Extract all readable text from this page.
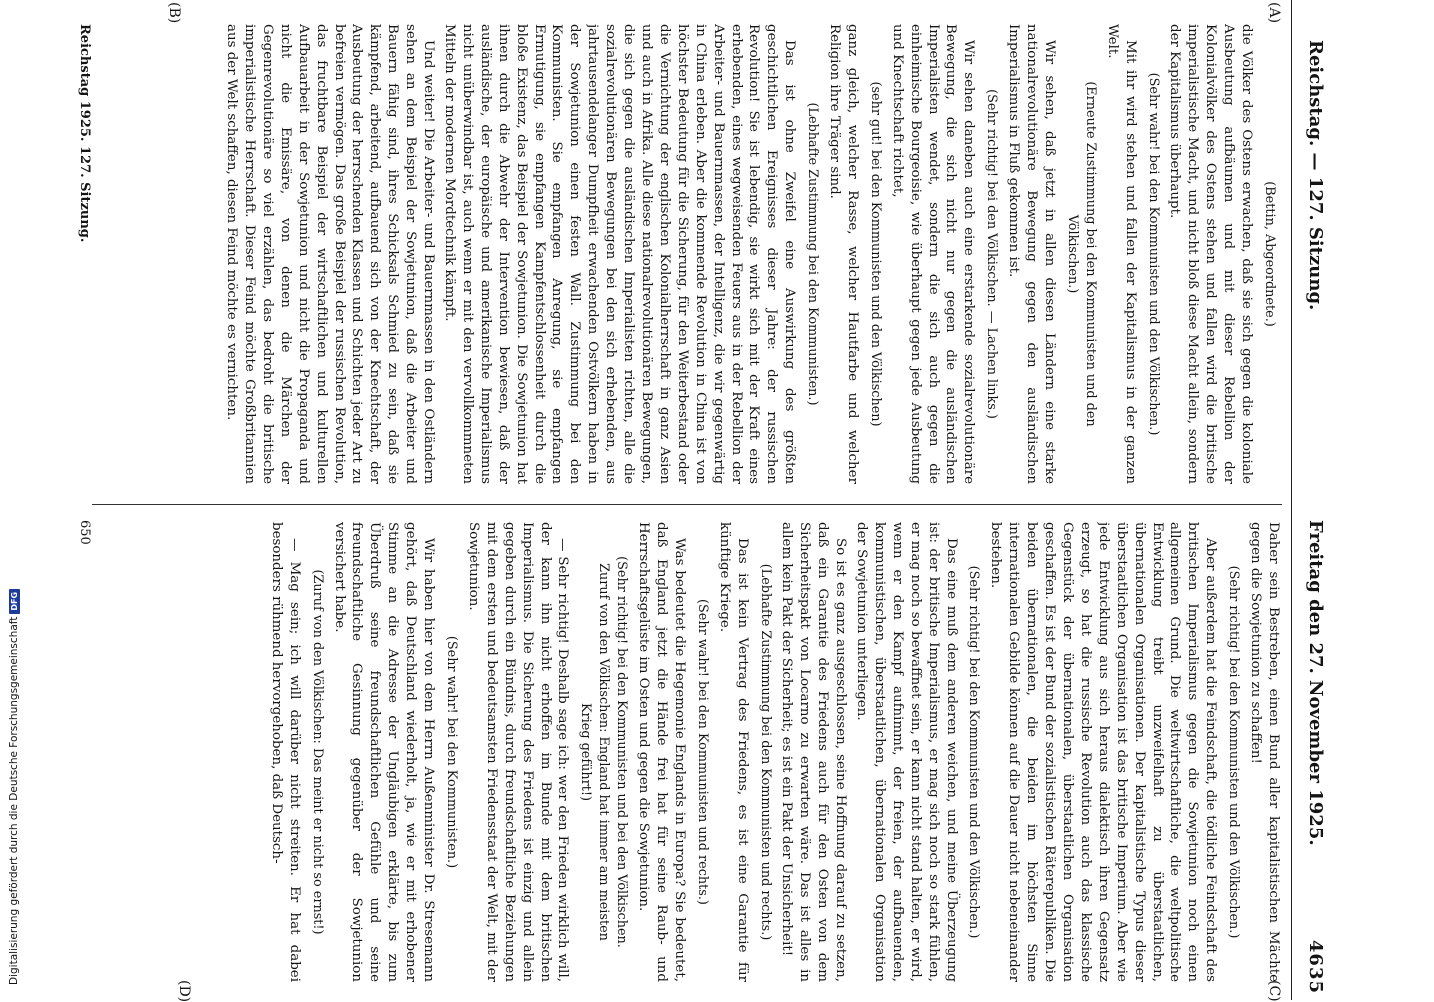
Reichstag. — 127. Sitzung.
Freitag den 27. November 1925.
4635
(A)
(B)
(C)
(D)

(Bettin, Abgeordnete.)

die Völker des Ostens erwachen, daß sie sich gegen die koloniale Ausbeutung aufbäumen und mit dieser Rebellion der Kolonialvölker des Ostens stehen und fallen wird die britische imperialistische Macht, und nicht bloß diese Macht allein, sondern der Kapitalismus überhaupt.

(Sehr wahr! bei den Kommunisten und den Völkischen.)

Mit ihr wird stehen und fallen der Kapitalismus in der ganzen Welt.

(Erneute Zustimmung bei den Kommunisten und den Völkischen.)

Wir sehen, daß jetzt in allen diesen Ländern eine starke nationalrevolutionäre Bewegung gegen den ausländischen Imperialismus in Fluß gekommen ist.

(Sehr richtig! bei den Völkischen. — Lachen links.)

Wir sehen daneben auch eine erstarkende sozialrevolutionäre Bewegung, die sich nicht nur gegen die ausländischen Imperialisten wendet, sondern die sich auch gegen die einheimische Bourgeoisie, wie überhaupt gegen jede Ausbeutung und Knechtschaft richtet,

(sehr gut! bei den Kommunisten und den Völkischen)

ganz gleich, welcher Rasse, welcher Hautfarbe und welcher Religion ihre Träger sind.

(Lebhafte Zustimmung bei den Kommunisten.)

Das ist ohne Zweifel eine Auswirkung des größten geschichtlichen Ereignisses dieser Jahre: der russischen Revolution! Sie ist lebendig, sie wirkt sich mit der Kraft eines erhebenden, eines wegweisenden Feuers aus in der Rebellion der Arbeiter- und Bauernmassen, der Intelligenz, die wir gegenwärtig in China erleben. Aber die kommende Revolution in China ist von höchster Bedeutung für die Sicherung, für den Weiterbestand oder die Vernichtung der englischen Kolonialherrschaft in ganz Asien und auch in Afrika. Alle diese nationalrevolutionären Bewegungen, die sich gegen die ausländischen Imperialisten richten, alle die sozialrevolutionären Bewegungen bei den sich erhebenden, aus jahrtausendelanger Dumpfheit erwachenden Ostvölkern haben in der Sowjetunion einen festen Wall. Zustimmung bei den Kommunisten. Sie empfangen Anregung, sie empfangen Ermutigung, sie empfangen Kampfentschlossenheit durch die bloße Existenz, das Beispiel der Sowjetunion. Die Sowjetunion hat ihnen durch die Abwehr der Intervention bewiesen, daß der ausländische, der europäische und amerikanische Imperialismus nicht unüberwindbar ist, auch wenn er mit den vervollkommneten Mitteln der modernen Mordtechnik kämpft.

Und weiter! Die Arbeiter- und Bauernmassen in den Ostländern sehen an dem Beispiel der Sowjetunion, daß die Arbeiter und Bauern fähig sind, ihres Schicksals Schmied zu sein, daß sie kämpfend, arbeitend, aufbauend sich von der Knechtschaft, der Ausbeutung der herrschenden Klassen und Schichten jeder Art zu befreien vermögen. Das große Beispiel der russischen Revolution, das fruchtbare Beispiel der wirtschaftlichen und kulturellen Aufbauarbeit in der Sowjetunion und nicht die Propaganda und nicht die Emissäre, von denen die Märchen der Gegenrevolutionäre so viel erzählen, das bedroht die britische imperialistische Herrschaft. Dieser Feind möchte Großbritannien aus der Welt schaffen, diesen Feind möchte es vernichten.

Daher sein Bestreben, einen Bund aller kapitalistischen Mächte gegen die Sowjetunion zu schaffen!

(Sehr richtig! bei den Kommunisten und den Völkischen.)

Aber außerdem hat die Feindschaft, die tödliche Feindschaft des britischen Imperialismus gegen die Sowjetunion noch einen allgemeinen Grund. Die weltwirtschaftliche, die weltpolitische Entwicklung treibt unzweifelhaft zu überstaatlichen, übernationalen Organisationen. Der kapitalistische Typus dieser überstaatlichen Organisation ist das britische Imperium. Aber wie jede Entwicklung aus sich heraus dialektisch ihren Gegensatz erzeugt, so hat die russische Revolution auch das klassische Gegenstück der übernationalen, überstaatlichen Organisation geschaffen. Es ist der Bund der sozialistischen Räterepubliken. Die beiden übernationalen, die beiden im höchsten Sinne internationalen Gebilde können auf die Dauer nicht nebeneinander bestehen.

(Sehr richtig! bei den Kommunisten und den Völkischen.)

Das eine muß dem anderen weichen, und meine Überzeugung ist: der britische Imperialismus, er mag sich noch so stark fühlen, er mag noch so bewaffnet sein, er kann nicht stand halten, er wird, wenn er den Kampf aufnimmt, der freien, der aufbauenden, kommunistischen, überstaatlichen, übernationalen Organisation der Sowjetunion unterliegen.

So ist es ganz ausgeschlossen, seine Hoffnung darauf zu setzen, daß ein Garantie des Friedens auch für den Osten von dem Sicherheitspakt von Locarno zu erwarten wäre. Das ist alles in allem kein Pakt der Sicherheit; es ist ein Pakt der Unsicherheit!

(Lebhafte Zustimmung bei den Kommunisten und rechts.)

Das ist kein Vertrag des Friedens, es ist eine Garantie für künftige Kriege.

(Sehr wahr! bei den Kommunisten und rechts.)

Was bedeutet die Hegemonie Englands in Europa? Sie bedeutet, daß England jetzt die Hände frei hat für seine Raub- und Herrschaftsgelüste im Osten und gegen die Sowjetunion.

(Sehr richtig! bei den Kommunisten und bei den Völkischen. Zuruf von den Völkischen: England hat immer am meisten Krieg geführt!)

— Sehr richtig! Deshalb sage ich: wer den Frieden wirklich will, der kann ihn nicht erhoffen im Bunde mit dem britischen Imperialismus. Die Sicherung des Friedens ist einzig und allein gegeben durch ein Bündnis, durch freundschaftliche Beziehungen mit dem ersten und bedeutsamsten Friedensstaat der Welt, mit der Sowjetunion.

(Sehr wahr! bei den Kommunisten.)

Wir haben hier von dem Herrn Außenminister Dr. Stresemann gehört, daß Deutschland wiederholt, ja, wie er mit erhobener Stimme an die Adresse der Ungläubigen erklärte, bis zum Überdruß seine freundschaftlichen Gefühle und seine freundschaftliche Gesinnung gegenüber der Sowjetunion versichert habe.

(Zuruf von den Völkischen: Das meint er nicht so ernst!)

— Mag sein; ich will darüber nicht streiten. Er hat dabei besonders rühmend hervorgehoben, daß Deutsch-

Reichstag 1925. 127. Sitzung.
650
Digitalisierung gefördert durch die Deutsche Forschungsgemeinschaft
DFG
